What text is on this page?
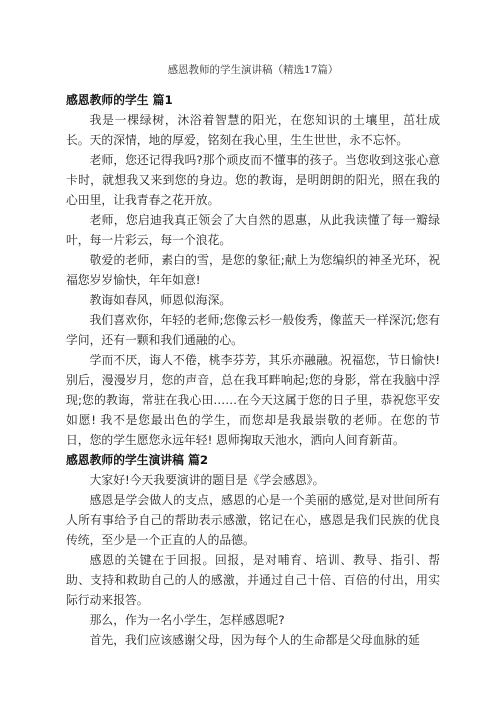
感恩教师的学生演讲稿（精选17篇）
感恩教师的学生 篇1

我是一棵绿树，沐浴着智慧的阳光，在您知识的土壤里，茁壮成长。天的深情，地的厚爱，铭刻在我心里，生生世世，永不忘怀。

老师，您还记得我吗?那个顽皮而不懂事的孩子。当您收到这张心意卡时，就想我又来到您的身边。您的教诲，是明朗朗的阳光，照在我的心田里，让我青春之花开放。

老师，您启迪我真正领会了大自然的恩惠，从此我读懂了每一瓣绿叶，每一片彩云，每一个浪花。

敬爱的老师，素白的雪，是您的象征;献上为您编织的神圣光环，祝福您岁岁愉快，年年如意!

教诲如春风，师恩似海深。

我们喜欢你，年轻的老师;您像云杉一般俊秀，像蓝天一样深沉;您有学问，还有一颗和我们通融的心。

学而不厌，诲人不倦，桃李芬芳，其乐亦融融。祝福您，节日愉快! 别后，漫漫岁月，您的声音，总在我耳畔响起;您的身影，常在我脑中浮现;您的教诲，常驻在我心田……在今天这属于您的日子里，恭祝您平安如愿! 我不是您最出色的学生，而您却是我最崇敬的老师。在您的节日，您的学生愿您永远年轻! 恩师掬取天池水，洒向人间育新苗。

感恩教师的学生演讲稿 篇2

大家好!今天我要演讲的题目是《学会感恩》。

感恩是学会做人的支点，感恩的心是一个美丽的感觉,是对世间所有人所有事给予自己的帮助表示感激，铭记在心，感恩是我们民族的优良传统，至少是一个正直的人的品德。

感恩的关键在于回报。回报，是对哺育、培训、教导、指引、帮助、支持和救助自己的人的感激，并通过自己十倍、百倍的付出，用实际行动来报答。

那么，作为一名小学生，怎样感恩呢?

首先，我们应该感谢父母，因为每个人的生命都是父母血脉的延
